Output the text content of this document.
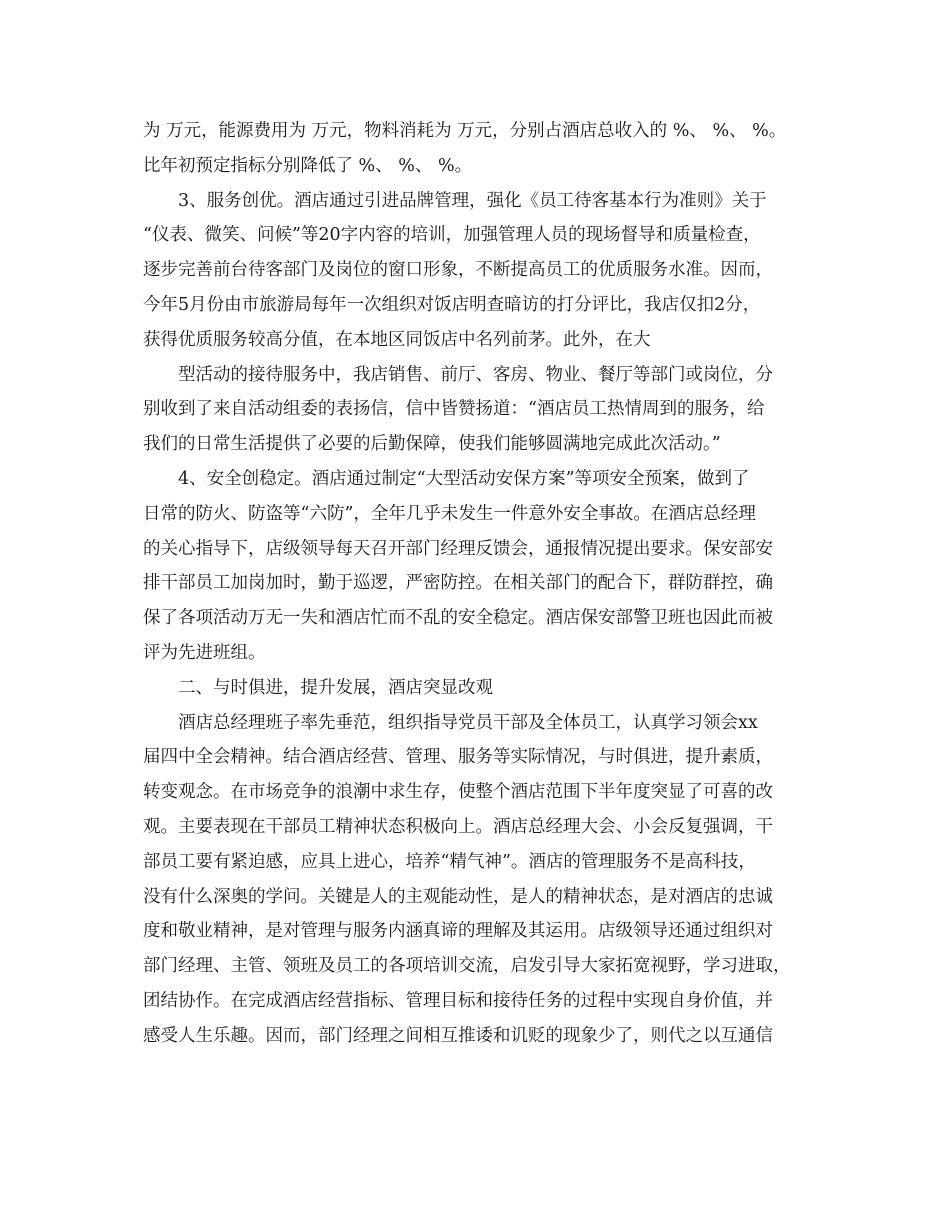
为 万元，能源费用为 万元，物料消耗为 万元，分别占酒店总收入的 %、 %、 %。
比年初预定指标分别降低了 %、 %、 %。
3、服务创优。酒店通过引进品牌管理，强化《员工待客基本行为准则》关于
“仪表、微笑、问候”等20字内容的培训，加强管理人员的现场督导和质量检查，
逐步完善前台待客部门及岗位的窗口形象，不断提高员工的优质服务水准。因而，
今年5月份由市旅游局每年一次组织对饭店明查暗访的打分评比，我店仅扣2分，
获得优质服务较高分值，在本地区同饭店中名列前茅。此外，在大
型活动的接待服务中，我店销售、前厅、客房、物业、餐厅等部门或岗位，分
别收到了来自活动组委的表扬信，信中皆赞扬道：“酒店员工热情周到的服务，给
我们的日常生活提供了必要的后勤保障，使我们能够圆满地完成此次活动。”
4、安全创稳定。酒店通过制定“大型活动安保方案”等项安全预案，做到了
日常的防火、防盗等“六防”，全年几乎未发生一件意外安全事故。在酒店总经理
的关心指导下，店级领导每天召开部门经理反馈会，通报情况提出要求。保安部安
排干部员工加岗加时，勤于巡逻，严密防控。在相关部门的配合下，群防群控，确
保了各项活动万无一失和酒店忙而不乱的安全稳定。酒店保安部警卫班也因此而被
评为先进班组。
二、与时俱进，提升发展，酒店突显改观
酒店总经理班子率先垂范，组织指导党员干部及全体员工，认真学习领会xx
届四中全会精神。结合酒店经营、管理、服务等实际情况，与时俱进，提升素质，
转变观念。在市场竞争的浪潮中求生存，使整个酒店范围下半年度突显了可喜的改
观。主要表现在干部员工精神状态积极向上。酒店总经理大会、小会反复强调，干
部员工要有紧迫感，应具上进心，培养“精气神”。酒店的管理服务不是高科技，
没有什么深奥的学问。关键是人的主观能动性，是人的精神状态，是对酒店的忠诚
度和敬业精神，是对管理与服务内涵真谛的理解及其运用。店级领导还通过组织对
部门经理、主管、领班及员工的各项培训交流，启发引导大家拓宽视野，学习进取，
团结协作。在完成酒店经营指标、管理目标和接待任务的过程中实现自身价值，并
感受人生乐趣。因而，部门经理之间相互推诿和讥贬的现象少了，则代之以互通信
